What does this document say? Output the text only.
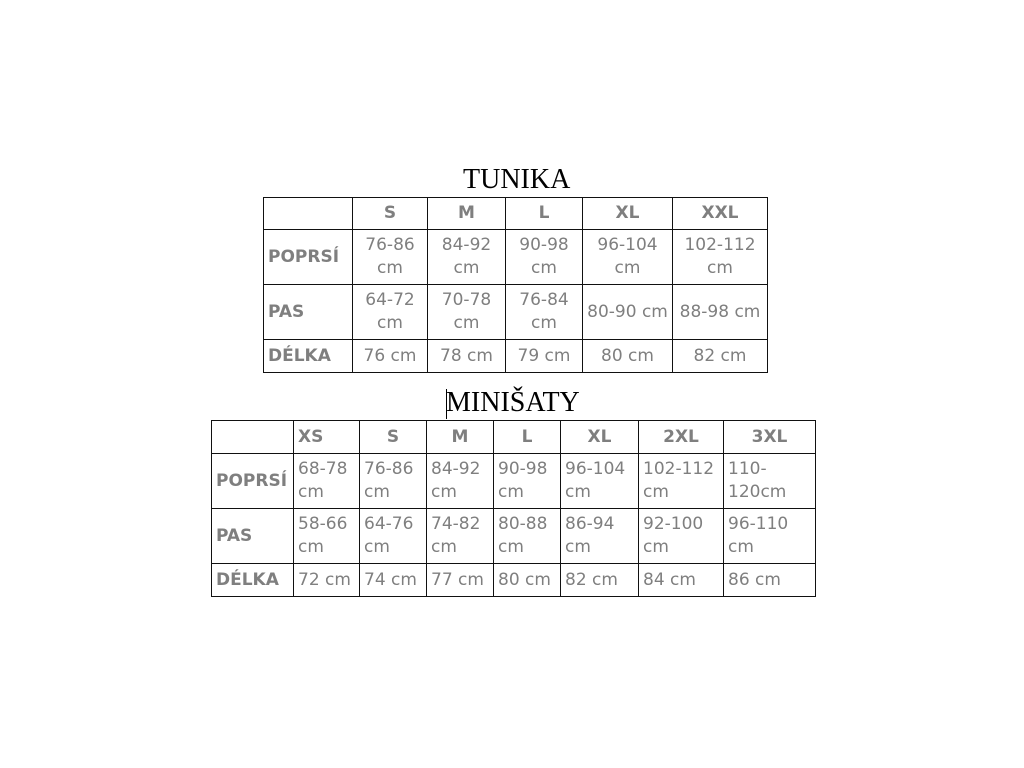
TUNIKA
	S	M	L	XL	XXL
POPRSÍ	76-86 cm	84-92 cm	90-98 cm	96-104 cm	102-112 cm
PAS	64-72 cm	70-78 cm	76-84 cm	80-90 cm	88-98 cm
DÉLKA	76 cm	78 cm	79 cm	80 cm	82 cm
MINIŠATY
	XS	S	M	L	XL	2XL	3XL
POPRSÍ	68-78 cm	76-86 cm	84-92 cm	90-98 cm	96-104 cm	102-112 cm	110-120cm
PAS	58-66 cm	64-76 cm	74-82 cm	80-88 cm	86-94 cm	92-100 cm	96-110 cm
DÉLKA	72 cm	74 cm	77 cm	80 cm	82 cm	84 cm	86 cm
